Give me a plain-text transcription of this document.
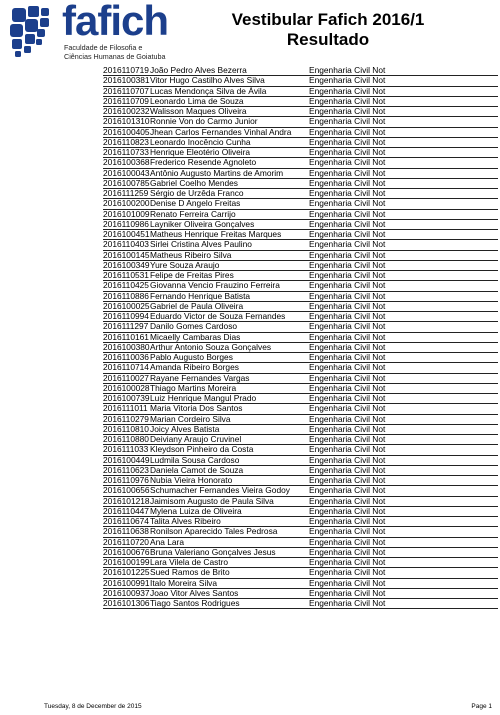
fafich
Faculdade de Filosofia e
Ciências Humanas de Goiatuba
Vestibular Fafich 2016/1
Resultado
2016110719 João Pedro Alves Bezerra	Engenharia Civil Not
2016100381 Vitor Hugo Castilho Alves Silva	Engenharia Civil Not
2016110707 Lucas Mendonça Silva de Ávila	Engenharia Civil Not
2016110709 Leonardo Lima de Souza	Engenharia Civil Not
2016100232 Walisson Maques Oliveira	Engenharia Civil Not
2016101310 Ronnie Von do Carmo Junior	Engenharia Civil Not
2016100405 Jhean Carlos Fernandes Vinhal Andra	Engenharia Civil Not
2016110823 Leonardo Inocêncio Cunha	Engenharia Civil Not
2016110733 Henrique Eleotério Oliveira	Engenharia Civil Not
2016100368 Frederico Resende Agnoleto	Engenharia Civil Not
2016100043 Antônio Augusto Martins de Amorim	Engenharia Civil Not
2016100785 Gabriel Coelho Mendes	Engenharia Civil Not
2016111259 Sérgio de Urzêda Franco	Engenharia Civil Not
2016100200 Denise D Angelo Freitas	Engenharia Civil Not
2016101009 Renato Ferreira Carrijo	Engenharia Civil Not
2016110986 Layniker Oliveira Gonçalves	Engenharia Civil Not
2016100451 Matheus Henrique Freitas Marques	Engenharia Civil Not
2016110403 Sirlei Cristina Alves Paulino	Engenharia Civil Not
2016100145 Matheus Ribeiro Silva	Engenharia Civil Not
2016100349 Yure Souza Araujo	Engenharia Civil Not
2016110531 Felipe de Freitas Pires	Engenharia Civil Not
2016110425 Giovanna Vencio Frauzino Ferreira	Engenharia Civil Not
2016110886 Fernando Henrique Batista	Engenharia Civil Not
2016100025 Gabriel de Paula Oliveira	Engenharia Civil Not
2016110994 Eduardo Victor de Souza Fernandes	Engenharia Civil Not
2016111297 Danilo Gomes Cardoso	Engenharia Civil Not
2016110161 Micaelly Cambaras Dias	Engenharia Civil Not
2016100380 Arthur Antonio Souza Gonçalves	Engenharia Civil Not
2016110036 Pablo Augusto Borges	Engenharia Civil Not
2016110714 Amanda Ribeiro Borges	Engenharia Civil Not
2016110027 Rayane Fernandes Vargas	Engenharia Civil Not
2016100028 Thiago Martins Moreira	Engenharia Civil Not
2016100739 Luiz Henrique Mangul Prado	Engenharia Civil Not
2016111011 Maria Vitoria Dos Santos	Engenharia Civil Not
2016110279 Marian Cordeiro Silva	Engenharia Civil Not
2016110810 Joicy Alves Batista	Engenharia Civil Not
2016110880 Deiviany Araujo Cruvinel	Engenharia Civil Not
2016111033 Kleydson Pinheiro da Costa	Engenharia Civil Not
2016100449 Ludmila Sousa Cardoso	Engenharia Civil Not
2016110623 Daniela Camot de Souza	Engenharia Civil Not
2016110976 Nubia Vieira Honorato	Engenharia Civil Not
2016100656 Schumacher Fernandes Vieira Godoy	Engenharia Civil Not
2016101218 Jaimisom Augusto de Paula Silva	Engenharia Civil Not
2016110447 Mylena Luiza de Oliveira	Engenharia Civil Not
2016110674 Talita Alves Ribeiro	Engenharia Civil Not
2016110638 Ronilson Aparecido Tales Pedrosa	Engenharia Civil Not
2016110720 Ana Lara	Engenharia Civil Not
2016100676 Bruna Valeriano Gonçalves Jesus	Engenharia Civil Not
2016100199 Lara Vilela de Castro	Engenharia Civil Not
2016101225 Sued Ramos de Brito	Engenharia Civil Not
2016100991 Italo Moreira Silva	Engenharia Civil Not
2016100937 Joao Vitor Alves Santos	Engenharia Civil Not
2016101306 Tiago Santos Rodrigues	Engenharia Civil Not
Tuesday, 8 de December de 2015	Page 1
